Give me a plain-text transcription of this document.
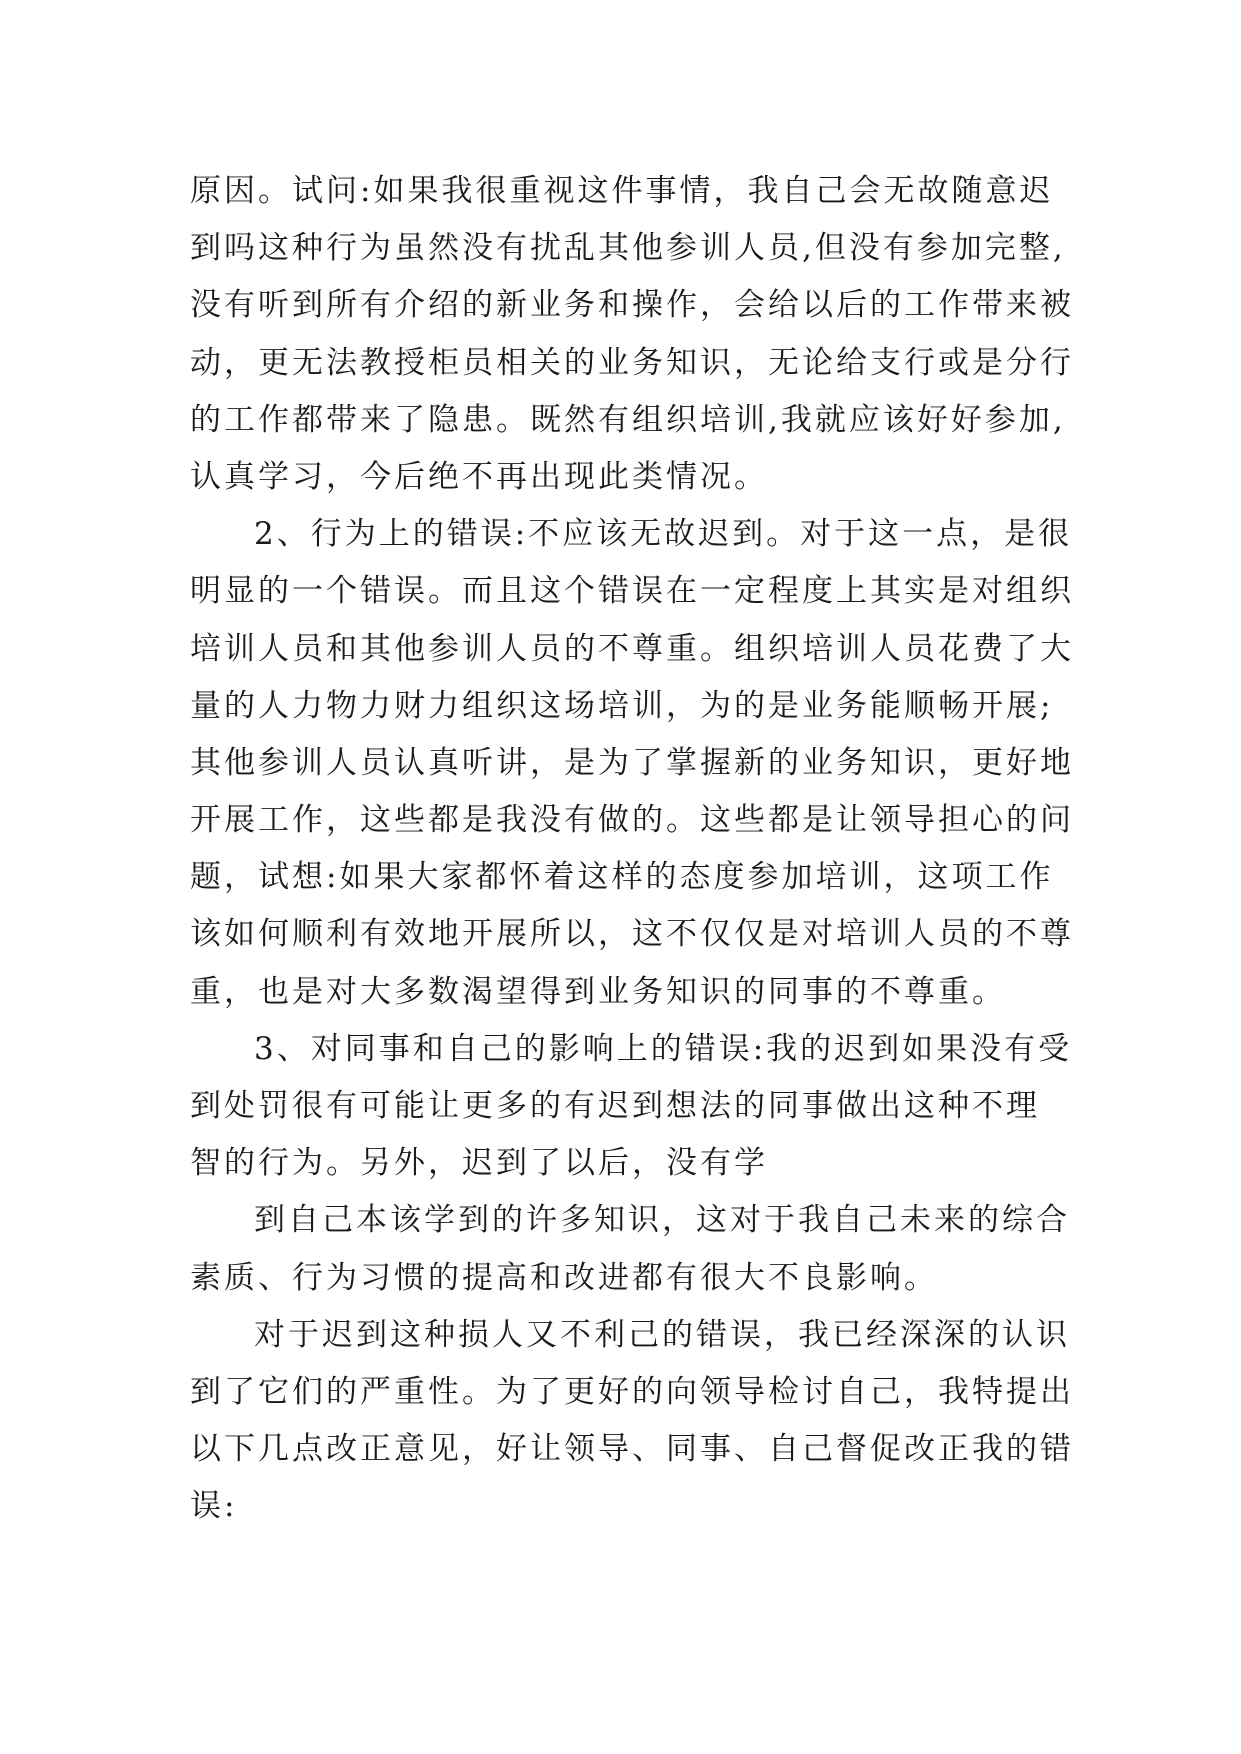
原因。试问:如果我很重视这件事情，我自己会无故随意迟
到吗这种行为虽然没有扰乱其他参训人员,但没有参加完整,
没有听到所有介绍的新业务和操作，会给以后的工作带来被
动，更无法教授柜员相关的业务知识，无论给支行或是分行
的工作都带来了隐患。既然有组织培训,我就应该好好参加,
认真学习，今后绝不再出现此类情况。
2、行为上的错误:不应该无故迟到。对于这一点，是很
明显的一个错误。而且这个错误在一定程度上其实是对组织
培训人员和其他参训人员的不尊重。组织培训人员花费了大
量的人力物力财力组织这场培训，为的是业务能顺畅开展;
其他参训人员认真听讲，是为了掌握新的业务知识，更好地
开展工作，这些都是我没有做的。这些都是让领导担心的问
题，试想:如果大家都怀着这样的态度参加培训，这项工作
该如何顺利有效地开展所以，这不仅仅是对培训人员的不尊
重，也是对大多数渴望得到业务知识的同事的不尊重。
3、对同事和自己的影响上的错误:我的迟到如果没有受
到处罚很有可能让更多的有迟到想法的同事做出这种不理
智的行为。另外，迟到了以后，没有学
到自己本该学到的许多知识，这对于我自己未来的综合
素质、行为习惯的提高和改进都有很大不良影响。
对于迟到这种损人又不利己的错误，我已经深深的认识
到了它们的严重性。为了更好的向领导检讨自己，我特提出
以下几点改正意见，好让领导、同事、自己督促改正我的错
误:
